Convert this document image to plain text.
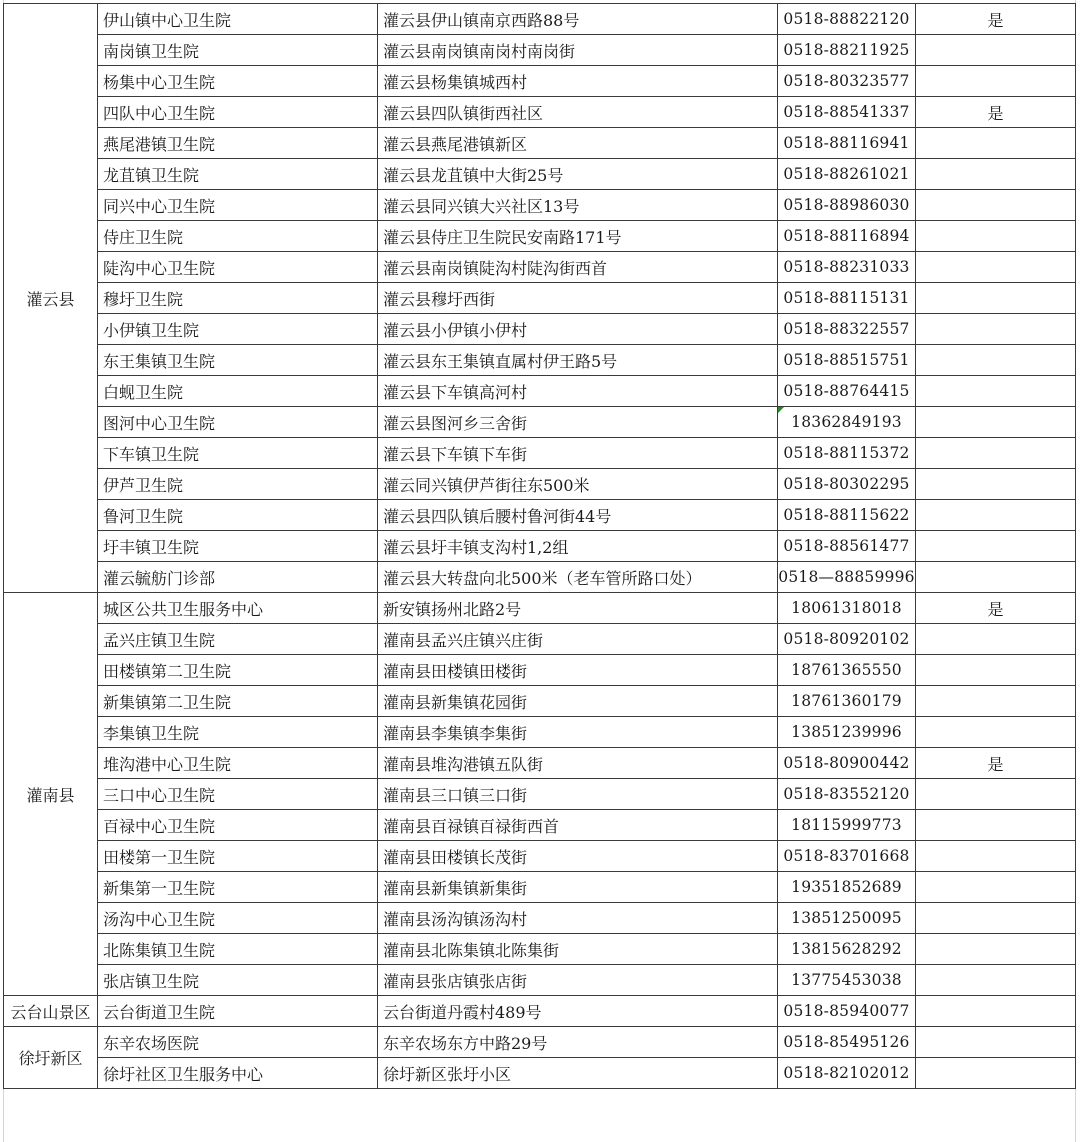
灌云县	伊山镇中心卫生院	灌云县伊山镇南京西路88号	0518-88822120	是
	南岗镇卫生院	灌云县南岗镇南岗村南岗街	0518-88211925	
	杨集中心卫生院	灌云县杨集镇城西村	0518-80323577	
	四队中心卫生院	灌云县四队镇街西社区	0518-88541337	是
	燕尾港镇卫生院	灌云县燕尾港镇新区	0518-88116941	
	龙苴镇卫生院	灌云县龙苴镇中大街25号	0518-88261021	
	同兴中心卫生院	灌云县同兴镇大兴社区13号	0518-88986030	
	侍庄卫生院	灌云县侍庄卫生院民安南路171号	0518-88116894	
	陡沟中心卫生院	灌云县南岗镇陡沟村陡沟街西首	0518-88231033	
	穆圩卫生院	灌云县穆圩西街	0518-88115131	
	小伊镇卫生院	灌云县小伊镇小伊村	0518-88322557	
	东王集镇卫生院	灌云县东王集镇直属村伊王路5号	0518-88515751	
	白蚬卫生院	灌云县下车镇高河村	0518-88764415	
	图河中心卫生院	灌云县图河乡三舍街	18362849193	
	下车镇卫生院	灌云县下车镇下车街	0518-88115372	
	伊芦卫生院	灌云同兴镇伊芦街往东500米	0518-80302295	
	鲁河卫生院	灌云县四队镇后腰村鲁河街44号	0518-88115622	
	圩丰镇卫生院	灌云县圩丰镇支沟村1,2组	0518-88561477	
	灌云毓舫门诊部	灌云县大转盘向北500米（老车管所路口处）	0518—88859996	
灌南县	城区公共卫生服务中心	新安镇扬州北路2号	18061318018	是
	孟兴庄镇卫生院	灌南县孟兴庄镇兴庄街	0518-80920102	
	田楼镇第二卫生院	灌南县田楼镇田楼街	18761365550	
	新集镇第二卫生院	灌南县新集镇花园街	18761360179	
	李集镇卫生院	灌南县李集镇李集街	13851239996	
	堆沟港中心卫生院	灌南县堆沟港镇五队街	0518-80900442	是
	三口中心卫生院	灌南县三口镇三口街	0518-83552120	
	百禄中心卫生院	灌南县百禄镇百禄街西首	18115999773	
	田楼第一卫生院	灌南县田楼镇长茂街	0518-83701668	
	新集第一卫生院	灌南县新集镇新集街	19351852689	
	汤沟中心卫生院	灌南县汤沟镇汤沟村	13851250095	
	北陈集镇卫生院	灌南县北陈集镇北陈集街	13815628292	
	张店镇卫生院	灌南县张店镇张店街	13775453038	
云台山景区	云台街道卫生院	云台街道丹霞村489号	0518-85940077	
徐圩新区	东辛农场医院	东辛农场东方中路29号	0518-85495126	
	徐圩社区卫生服务中心	徐圩新区张圩小区	0518-82102012	
